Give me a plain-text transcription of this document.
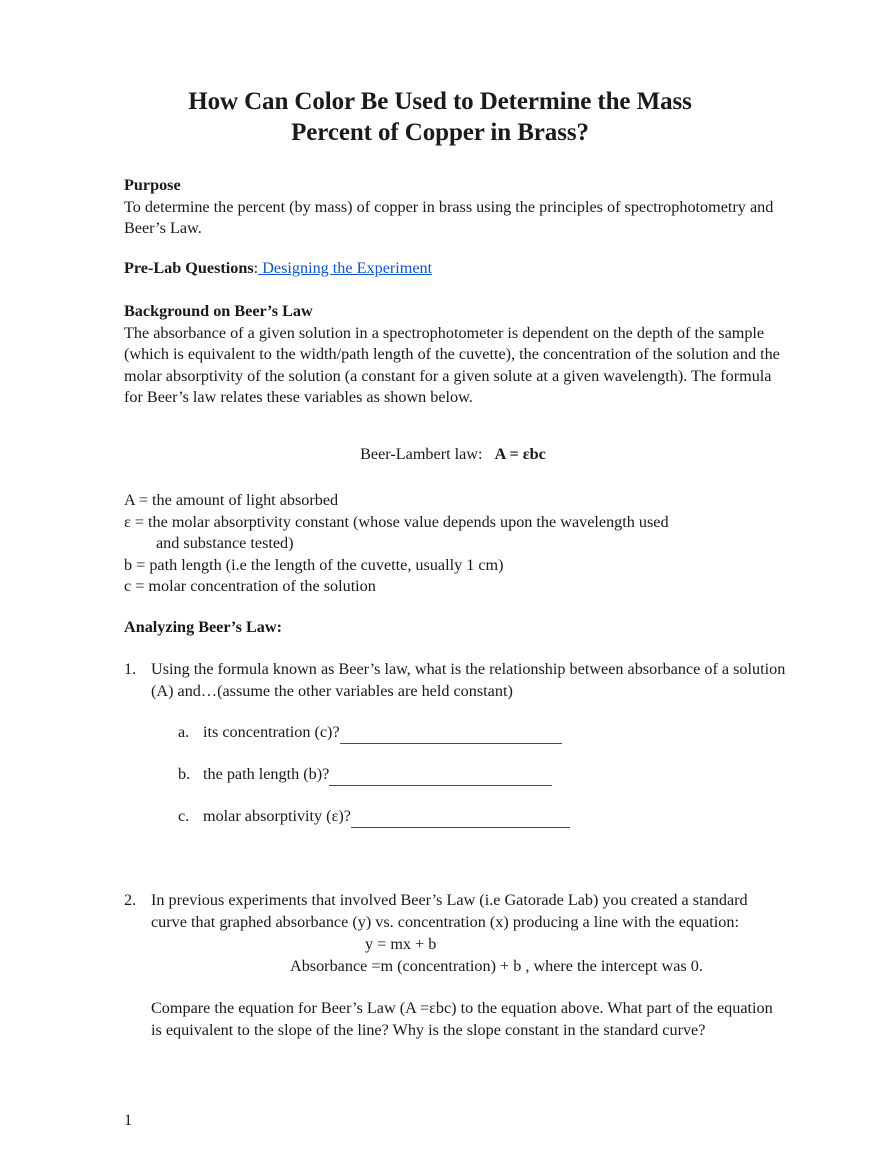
How Can Color Be Used to Determine the Mass
Percent of Copper in Brass?
Purpose
To determine the percent (by mass) of copper in brass using the principles of spectrophotometry and Beer’s Law.
Pre-Lab Questions: Designing the Experiment
Background on Beer’s Law
The absorbance of a given solution in a spectrophotometer is dependent on the depth of the sample (which is equivalent to the width/path length of the cuvette), the concentration of the solution and the molar absorptivity of the solution (a constant for a given solute at a given wavelength). The formula for Beer’s law relates these variables as shown below.
Beer-Lambert law: A = εbc
A = the amount of light absorbed
ε = the molar absorptivity constant (whose value depends upon the wavelength used
and substance tested)
b = path length (i.e the length of the cuvette, usually 1 cm)
c = molar concentration of the solution
Analyzing Beer’s Law:
1. Using the formula known as Beer’s law, what is the relationship between absorbance of a solution (A) and…(assume the other variables are held constant)
a. its concentration (c)?
b. the path length (b)?
c. molar absorptivity (ε)?
2. In previous experiments that involved Beer’s Law (i.e Gatorade Lab) you created a standard curve that graphed absorbance (y) vs. concentration (x) producing a line with the equation:
y = mx + b
Absorbance =m (concentration) + b , where the intercept was 0.
Compare the equation for Beer’s Law (A =εbc) to the equation above. What part of the equation is equivalent to the slope of the line? Why is the slope constant in the standard curve?
1
